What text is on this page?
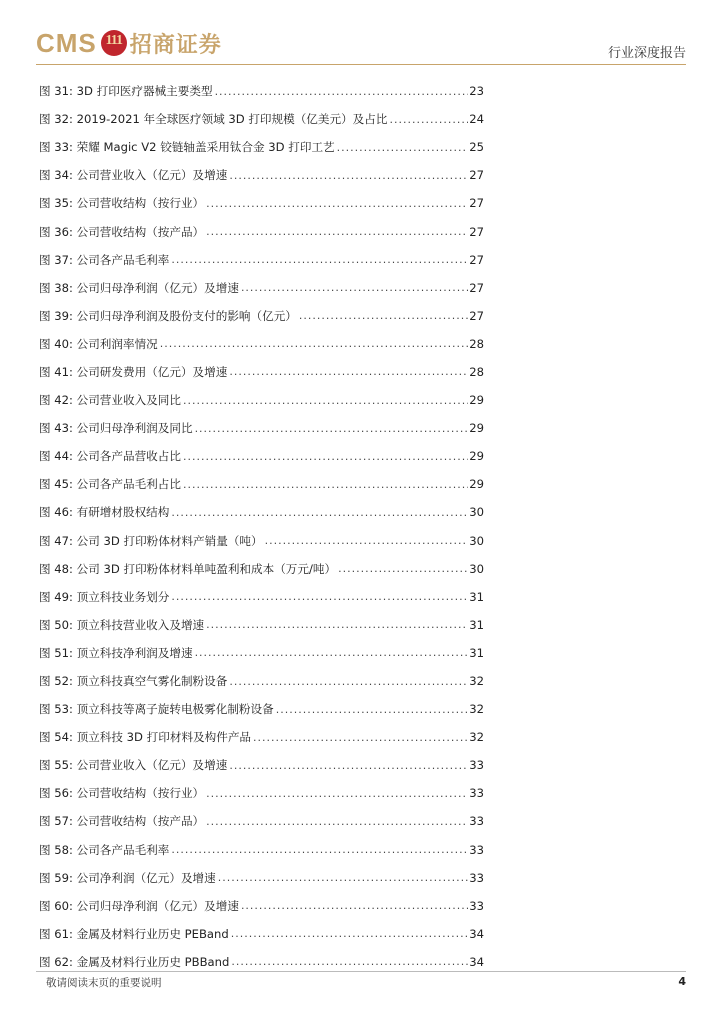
CMS 111 招商证券	行业深度报告
图 31: 3D 打印医疗器械主要类型 .....	23
图 32: 2019-2021 年全球医疗领域 3D 打印规模（亿美元）及占比 .....	24
图 33: 荣耀 Magic V2 铰链轴盖采用钛合金 3D 打印工艺 .....	25
图 34: 公司营业收入（亿元）及增速 .....	27
图 35: 公司营收结构（按行业） .....	27
图 36: 公司营收结构（按产品） .....	27
图 37: 公司各产品毛利率 .....	27
图 38: 公司归母净利润（亿元）及增速 .....	27
图 39: 公司归母净利润及股份支付的影响（亿元） .....	27
图 40: 公司利润率情况 .....	28
图 41: 公司研发费用（亿元）及增速 .....	28
图 42: 公司营业收入及同比 .....	29
图 43: 公司归母净利润及同比 .....	29
图 44: 公司各产品营收占比 .....	29
图 45: 公司各产品毛利占比 .....	29
图 46: 有研增材股权结构 .....	30
图 47: 公司 3D 打印粉体材料产销量（吨） .....	30
图 48: 公司 3D 打印粉体材料单吨盈利和成本（万元/吨） .....	30
图 49: 顶立科技业务划分 .....	31
图 50: 顶立科技营业收入及增速 .....	31
图 51: 顶立科技净利润及增速 .....	31
图 52: 顶立科技真空气雾化制粉设备 .....	32
图 53: 顶立科技等离子旋转电极雾化制粉设备 .....	32
图 54: 顶立科技 3D 打印材料及构件产品 .....	32
图 55: 公司营业收入（亿元）及增速 .....	33
图 56: 公司营收结构（按行业） .....	33
图 57: 公司营收结构（按产品） .....	33
图 58: 公司各产品毛利率 .....	33
图 59: 公司净利润（亿元）及增速 .....	33
图 60: 公司归母净利润（亿元）及增速 .....	33
图 61: 金属及材料行业历史 PEBand .....	34
图 62: 金属及材料行业历史 PBBand .....	34
敬请阅读末页的重要说明	4
